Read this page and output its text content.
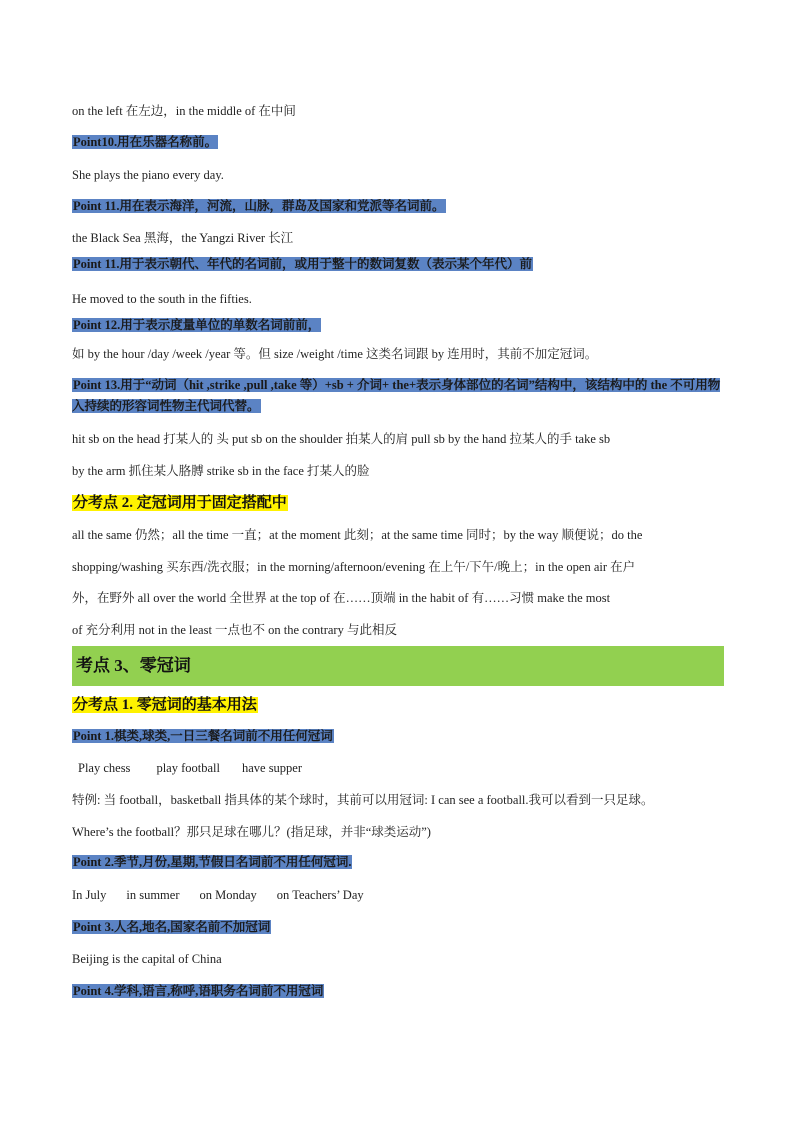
on the left 在左边，in the middle of 在中间
Point10.用在乐器名称前。
She plays the piano every day.
Point 11.用在表示海洋，河流，山脉，群岛及国家和党派等名词前。
the Black Sea 黑海，the Yangzi River 长江
Point 11.用于表示朝代、年代的名词前，或用于整十的数词复数（表示某个年代）前
He moved to the south in the fifties.
Point 12.用于表示度量单位的单数名词前前，
如 by the hour /day /week /year 等。但 size /weight /time 这类名词跟 by 连用时，其前不加定冠词。
Point 13.用于“动词（hit ,strike ,pull ,take 等）+sb + 介词+ the+表示身体部位的名词”结构中，该结构中的 the 不可用物入持续的形容词性物主代词代替。
hit sb on the head 打某人的 头 put sb on the shoulder 拍某人的肩 pull sb by the hand 拉某人的手 take sb
by the arm 抓住某人胳膊 strike sb in the face 打某人的脸
分考点 2. 定冠词用于固定搭配中
all the same 仍然；all the time 一直；at the moment 此刻；at the same time 同时；by the way 顺便说；do the
shopping/washing 买东西/洗衣服；in the morning/afternoon/evening 在上午/下午/晚上；in the open air 在户
外，在野外 all over the world 全世界 at the top of 在……顶端 in the habit of 有……习惯 make the most
of 充分利用 not in the least 一点也不 on the contrary 与此相反
考点 3、零冠词
分考点 1. 零冠词的基本用法
Point 1.棋类,球类,一日三餐名词前不用任何冠词
Play chess play football have supper
特例: 当 football，basketball 指具体的某个球时，其前可以用冠词: I can see a football.我可以看到一只足球。
Where’s the football？那只足球在哪儿？(指足球，并非“球类运动”)
Point 2.季节,月份,星期,节假日名词前不用任何冠词.
In July in summer on Monday on Teachers’ Day
Point 3.人名,地名,国家名前不加冠词
Beijing is the capital of China
Point 4.学科,语言,称呼,语职务名词前不用冠词
